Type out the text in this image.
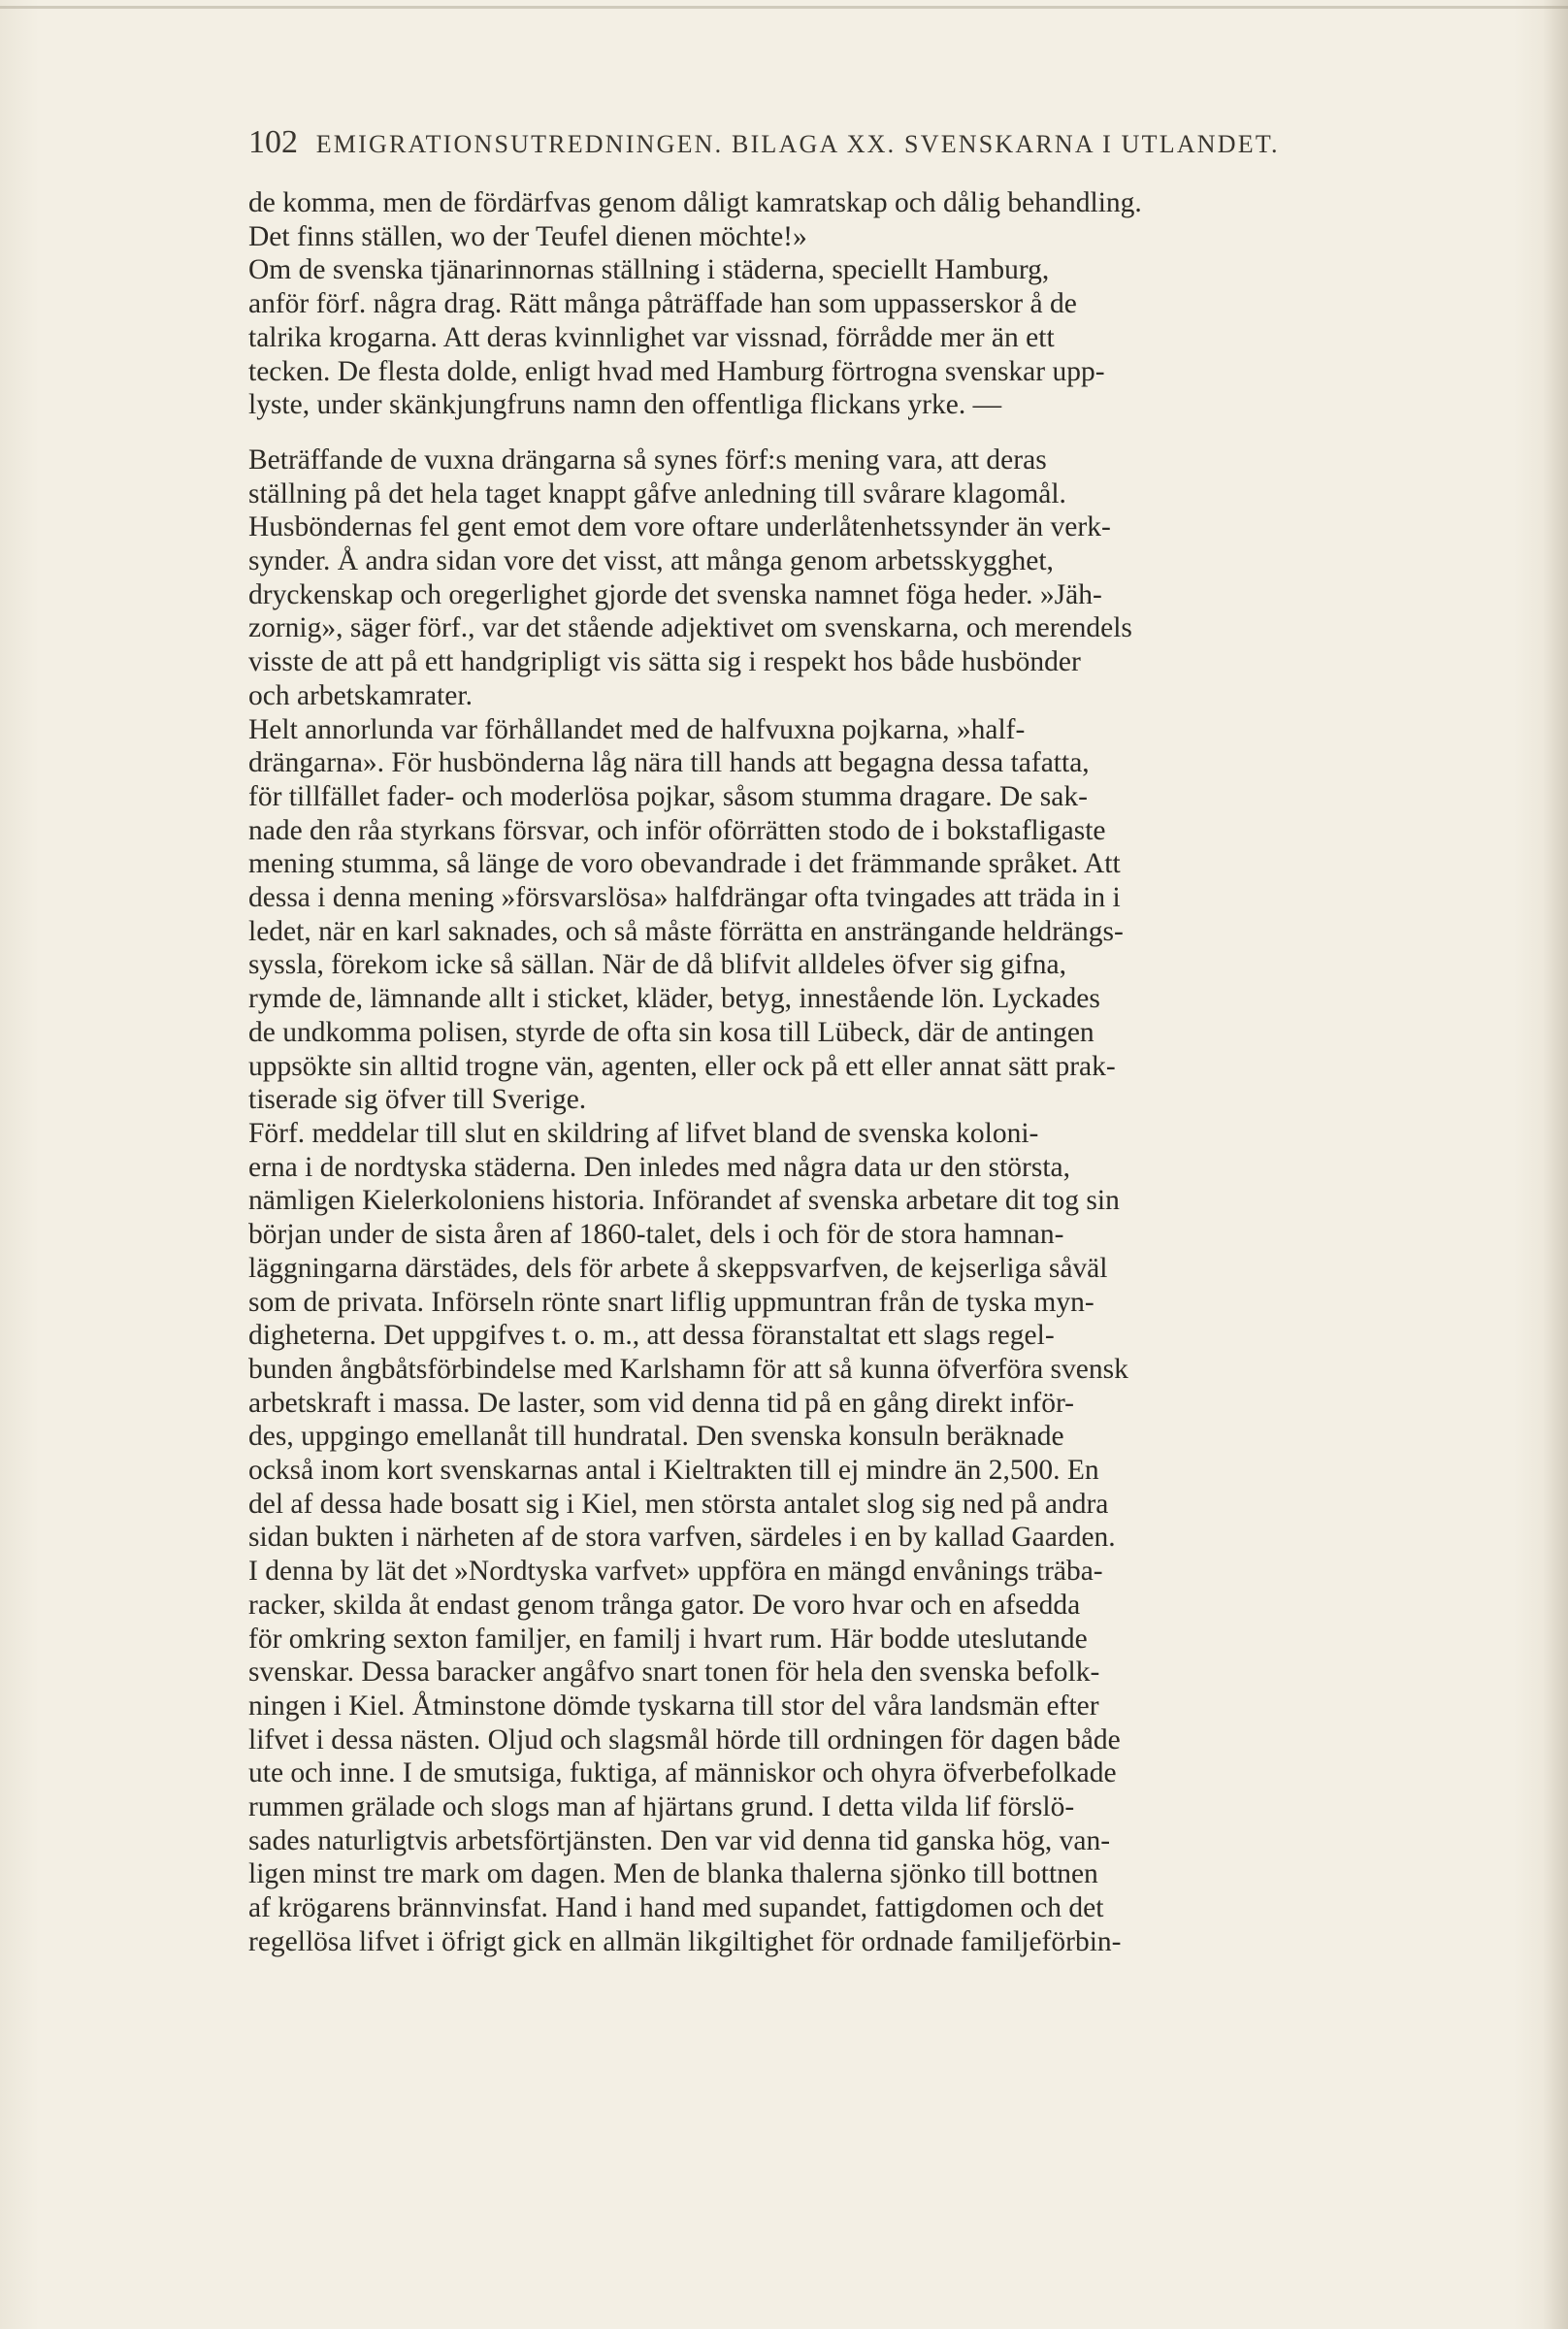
102 EMIGRATIONSUTREDNINGEN. BILAGA XX. SVENSKARNA I UTLANDET.

de komma, men de fördärfvas genom dåligt kamratskap och dålig behandling.
Det finns ställen, wo der Teufel dienen möchte!»

Om de svenska tjänarinnornas ställning i städerna, speciellt Hamburg,
anför förf. några drag. Rätt många påträffade han som uppasserskor å de
talrika krogarna. Att deras kvinnlighet var vissnad, förrådde mer än ett
tecken. De flesta dolde, enligt hvad med Hamburg förtrogna svenskar upp-
lyste, under skänkjungfruns namn den offentliga flickans yrke. —

Beträffande de vuxna drängarna så synes förf:s mening vara, att deras
ställning på det hela taget knappt gåfve anledning till svårare klagomål.
Husböndernas fel gent emot dem vore oftare underlåtenhetssynder än verk-
synder. Å andra sidan vore det visst, att många genom arbetsskygghet,
dryckenskap och oregerlighet gjorde det svenska namnet föga heder. »Jäh-
zornig», säger förf., var det stående adjektivet om svenskarna, och merendels
visste de att på ett handgripligt vis sätta sig i respekt hos både husbönder
och arbetskamrater.

Helt annorlunda var förhållandet med de halfvuxna pojkarna, »half-
drängarna». För husbönderna låg nära till hands att begagna dessa tafatta,
för tillfället fader- och moderlösa pojkar, såsom stumma dragare. De sak-
nade den råa styrkans försvar, och inför oförrätten stodo de i bokstafligaste
mening stumma, så länge de voro obevandrade i det främmande språket. Att
dessa i denna mening »försvarslösa» halfdrängar ofta tvingades att träda in i
ledet, när en karl saknades, och så måste förrätta en ansträngande heldrängs-
syssla, förekom icke så sällan. När de då blifvit alldeles öfver sig gifna,
rymde de, lämnande allt i sticket, kläder, betyg, innestående lön. Lyckades
de undkomma polisen, styrde de ofta sin kosa till Lübeck, där de antingen
uppsökte sin alltid trogne vän, agenten, eller ock på ett eller annat sätt prak-
tiserade sig öfver till Sverige.

Förf. meddelar till slut en skildring af lifvet bland de svenska koloni-
erna i de nordtyska städerna. Den inledes med några data ur den största,
nämligen Kielerkoloniens historia. Införandet af svenska arbetare dit tog sin
början under de sista åren af 1860-talet, dels i och för de stora hamnan-
läggningarna därstädes, dels för arbete å skeppsvarfven, de kejserliga såväl
som de privata. Införseln rönte snart liflig uppmuntran från de tyska myn-
digheterna. Det uppgifves t. o. m., att dessa föranstaltat ett slags regel-
bunden ångbåtsförbindelse med Karlshamn för att så kunna öfverföra svensk
arbetskraft i massa. De laster, som vid denna tid på en gång direkt inför-
des, uppgingo emellanåt till hundratal. Den svenska konsuln beräknade
också inom kort svenskarnas antal i Kieltrakten till ej mindre än 2,500. En
del af dessa hade bosatt sig i Kiel, men största antalet slog sig ned på andra
sidan bukten i närheten af de stora varfven, särdeles i en by kallad Gaarden.
I denna by lät det »Nordtyska varfvet» uppföra en mängd envånings träba-
racker, skilda åt endast genom trånga gator. De voro hvar och en afsedda
för omkring sexton familjer, en familj i hvart rum. Här bodde uteslutande
svenskar. Dessa baracker angåfvo snart tonen för hela den svenska befolk-
ningen i Kiel. Åtminstone dömde tyskarna till stor del våra landsmän efter
lifvet i dessa nästen. Oljud och slagsmål hörde till ordningen för dagen både
ute och inne. I de smutsiga, fuktiga, af människor och ohyra öfverbefolkade
rummen grälade och slogs man af hjärtans grund. I detta vilda lif förslö-
sades naturligtvis arbetsförtjänsten. Den var vid denna tid ganska hög, van-
ligen minst tre mark om dagen. Men de blanka thalerna sjönko till bottnen
af krögarens brännvinsfat. Hand i hand med supandet, fattigdomen och det
regellösa lifvet i öfrigt gick en allmän likgiltighet för ordnade familjeförbin-
